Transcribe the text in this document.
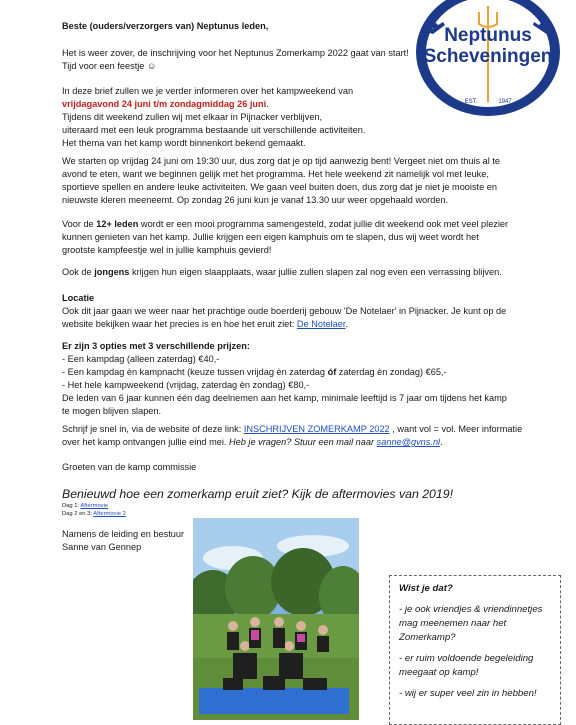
Neptunus
Scheveningen
EST.	1947

Beste (ouders/verzorgers van) Neptunus leden,

Het is weer zover, de inschrijving voor het Neptunus Zomerkamp 2022 gaat van start!

Tijd voor een feestje ☺

In deze brief zullen we je verder informeren over het kampweekend van

vrijdagavond 24 juni t/m zondagmiddag 26 juni.

Tijdens dit weekend zullen wij met elkaar in Pijnacker verblijven,

uiteraard met een leuk programma bestaande uit verschillende activiteiten.

Het thema van het kamp wordt binnenkort bekend gemaakt.

We starten op vrijdag 24 juni om 19:30 uur, dus zorg dat je op tijd aanwezig bent! Vergeet niet om thuis al te

avond te eten, want we beginnen gelijk met het programma. Het hele weekend zit namelijk vol met leuke,

sportieve spellen en andere leuke activiteiten. We gaan veel buiten doen, dus zorg dat je niet je mooiste en

nieuwste kleren meeneemt. Op zondag 26 juni kun je vanaf 13.30 uur weer opgehaald worden.

Voor de 12+ leden wordt er een mooi programma samengesteld, zodat jullie dit weekend ook met veel plezier

kunnen genieten van het kamp. Jullie krijgen een eigen kamphuis om te slapen, dus wij weet wordt het

grootste kampfeestje wel in jullie kamphuis gevierd!

Ook de jongens krijgen hun eigen slaapplaats, waar jullie zullen slapen zal nog even een verrassing blijven.

Locatie

Ook dit jaar gaan we weer naar het prachtige oude boerderij gebouw 'De Notelaer' in Pijnacker. Je kunt op de

website bekijken waar het precies is en hoe het eruit ziet: De Notelaer.

Er zijn 3 opties met 3 verschillende prijzen:

- Een kampdag (alleen zaterdag) €40,-

- Een kampdag èn kampnacht (keuze tussen vrijdag èn zaterdag óf zaterdag èn zondag) €65,-

- Het hele kampweekend (vrijdag, zaterdag èn zondag) €80,-

De leden van 6 jaar kunnen één dag deelnemen aan het kamp, minimale leeftijd is 7 jaar om tijdens het kamp

te mogen blijven slapen.

Schrijf je snel in, via de website of deze link: INSCHRIJVEN ZOMERKAMP 2022 , want vol = vol. Meer informatie

over het kamp ontvangen jullie eind mei. Heb je vragen? Stuur een mail naar sanne@gvns.nl.

Groeten van de kamp commissie

Benieuwd hoe een zomerkamp eruit ziet? Kijk de aftermovies van 2019!

Dag 1: Aftermovie

Dag 2 en 3: Aftermovie 2

Namens de leiding en bestuur

Sanne van Gennep

Wist je dat?

- je ook vriendjes & vriendinnetjes mag meenemen naar het Zomerkamp?

- er ruim voldoende begeleiding meegaat op kamp!

- wij er super veel zin in hebben!
